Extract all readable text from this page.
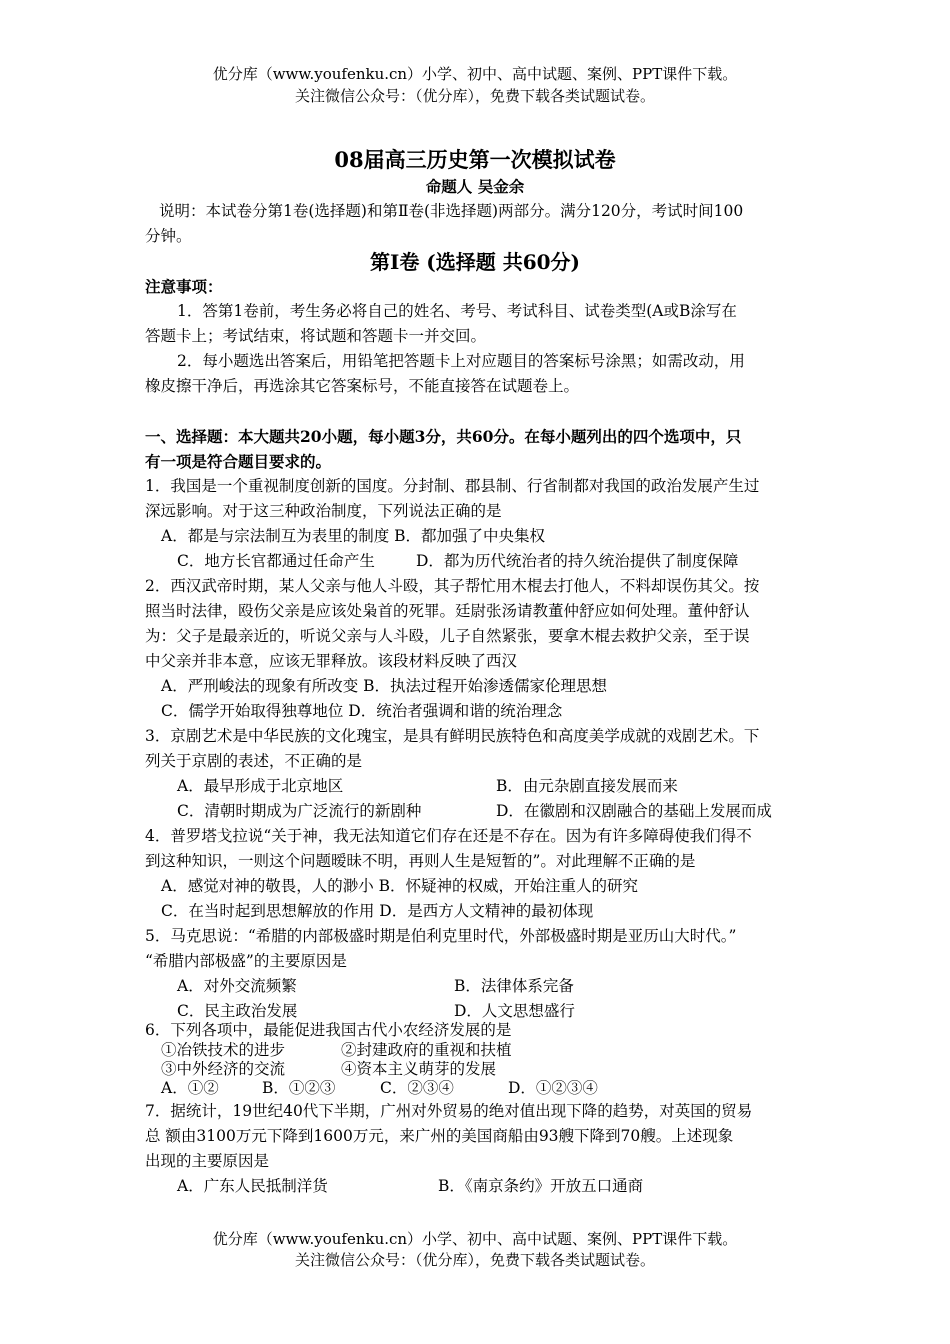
优分库（www.youfenku.cn）小学、初中、高中试题、案例、PPT课件下载。
关注微信公众号：（优分库），免费下载各类试题试卷。
08届高三历史第一次模拟试卷
命题人 吴金余
说明：本试卷分第1卷(选择题)和第Ⅱ卷(非选择题)两部分。满分120分，考试时间100
分钟。
第Ⅰ卷 (选择题 共60分)
注意事项：
1．答第1卷前，考生务必将自己的姓名、考号、考试科目、试卷类型(A或B涂写在
答题卡上；考试结束，将试题和答题卡一并交回。
2．每小题选出答案后，用铅笔把答题卡上对应题目的答案标号涂黑；如需改动，用
橡皮擦干净后，再选涂其它答案标号，不能直接答在试题卷上。
一、选择题：本大题共20小题，每小题3分，共60分。在每小题列出的四个选项中，只
有一项是符合题目要求的。
1．我国是一个重视制度创新的国度。分封制、郡县制、行省制都对我国的政治发展产生过
深远影响。对于这三种政治制度，下列说法正确的是
A．都是与宗法制互为表里的制度 B．都加强了中央集权
C．地方长官都通过任命产生	D．都为历代统治者的持久统治提供了制度保障
2．西汉武帝时期，某人父亲与他人斗殴，其子帮忙用木棍去打他人，不料却误伤其父。按
照当时法律，殴伤父亲是应该处枭首的死罪。廷尉张汤请教董仲舒应如何处理。董仲舒认
为：父子是最亲近的，听说父亲与人斗殴，儿子自然紧张，要拿木棍去救护父亲，至于误
中父亲并非本意，应该无罪释放。该段材料反映了西汉
A．严刑峻法的现象有所改变 B．执法过程开始渗透儒家伦理思想
C．儒学开始取得独尊地位 D．统治者强调和谐的统治理念
3．京剧艺术是中华民族的文化瑰宝，是具有鲜明民族特色和高度美学成就的戏剧艺术。下
列关于京剧的表述，不正确的是
A．最早形成于北京地区	B．由元杂剧直接发展而来
C．清朝时期成为广泛流行的新剧种	D．在徽剧和汉剧融合的基础上发展而成
4．普罗塔戈拉说“关于神，我无法知道它们存在还是不存在。因为有许多障碍使我们得不
到这种知识，一则这个问题暧昧不明，再则人生是短暂的”。对此理解不正确的是
A．感觉对神的敬畏，人的渺小 B．怀疑神的权威，开始注重人的研究
C．在当时起到思想解放的作用 D．是西方人文精神的最初体现
5．马克思说：“希腊的内部极盛时期是伯利克里时代，外部极盛时期是亚历山大时代。”
“希腊内部极盛”的主要原因是
A．对外交流频繁	B．法律体系完备
C．民主政治发展	D．人文思想盛行
6．下列各项中，最能促进我国古代小农经济发展的是
①冶铁技术的进步	②封建政府的重视和扶植
③中外经济的交流	④资本主义萌芽的发展
A．①②	B．①②③	C．②③④	D．①②③④
7．据统计，19世纪40代下半期，广州对外贸易的绝对值出现下降的趋势，对英国的贸易
总 额由3100万元下降到1600万元，来广州的美国商船由93艘下降到70艘。上述现象
出现的主要原因是
A．广东人民抵制洋货	B．《南京条约》开放五口通商
优分库（www.youfenku.cn）小学、初中、高中试题、案例、PPT课件下载。
关注微信公众号：（优分库），免费下载各类试题试卷。
